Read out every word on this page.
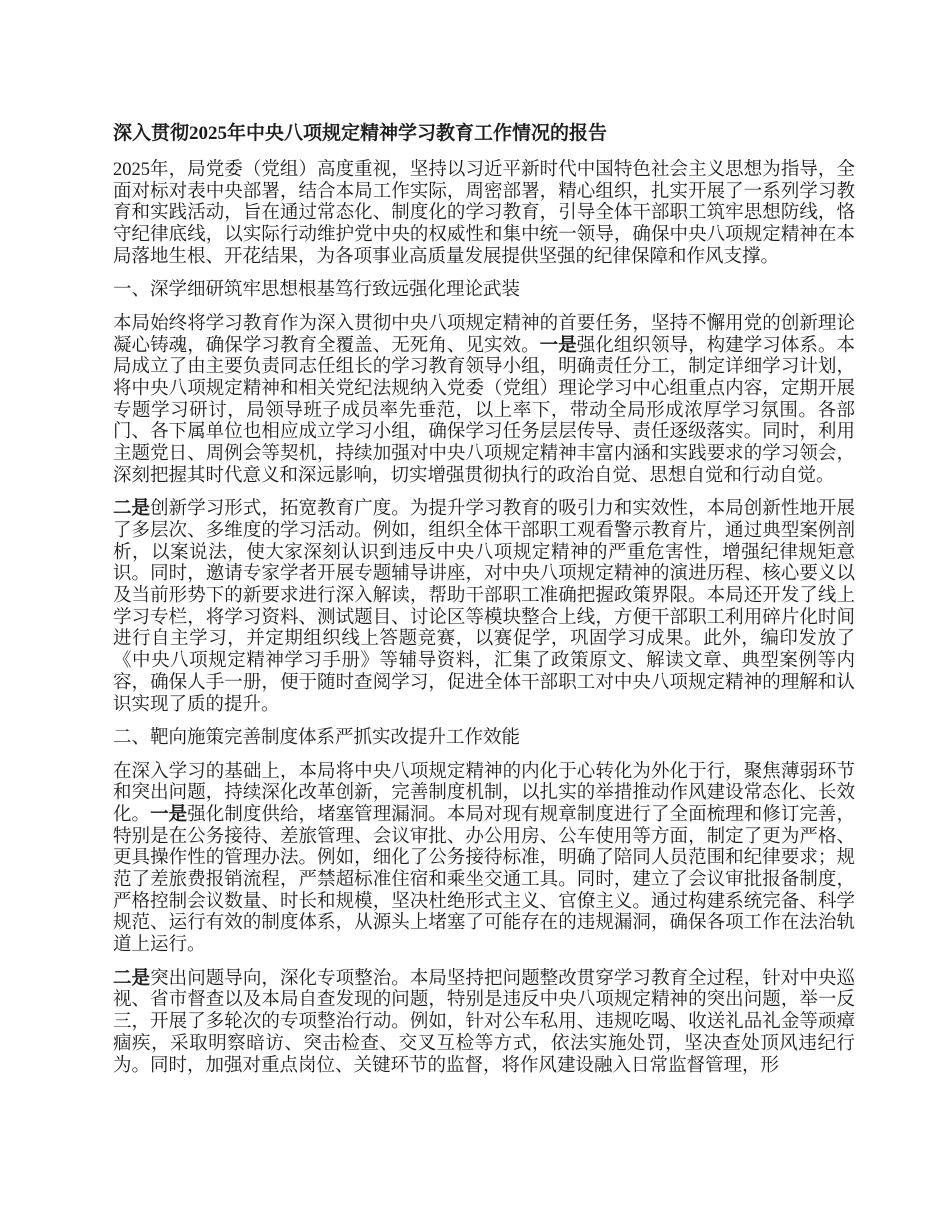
深入贯彻2025年中央八项规定精神学习教育工作情况的报告

2025年，局党委（党组）高度重视，坚持以习近平新时代中国特色社会主义思想为指导，全面对标对表中央部署，结合本局工作实际，周密部署，精心组织，扎实开展了一系列学习教育和实践活动，旨在通过常态化、制度化的学习教育，引导全体干部职工筑牢思想防线，恪守纪律底线，以实际行动维护党中央的权威性和集中统一领导，确保中央八项规定精神在本局落地生根、开花结果，为各项事业高质量发展提供坚强的纪律保障和作风支撑。

一、深学细研筑牢思想根基笃行致远强化理论武装

本局始终将学习教育作为深入贯彻中央八项规定精神的首要任务，坚持不懈用党的创新理论凝心铸魂，确保学习教育全覆盖、无死角、见实效。一是强化组织领导，构建学习体系。本局成立了由主要负责同志任组长的学习教育领导小组，明确责任分工，制定详细学习计划，将中央八项规定精神和相关党纪法规纳入党委（党组）理论学习中心组重点内容，定期开展专题学习研讨，局领导班子成员率先垂范，以上率下，带动全局形成浓厚学习氛围。各部门、各下属单位也相应成立学习小组，确保学习任务层层传导、责任逐级落实。同时，利用主题党日、周例会等契机，持续加强对中央八项规定精神丰富内涵和实践要求的学习领会，深刻把握其时代意义和深远影响，切实增强贯彻执行的政治自觉、思想自觉和行动自觉。

二是创新学习形式，拓宽教育广度。为提升学习教育的吸引力和实效性，本局创新性地开展了多层次、多维度的学习活动。例如，组织全体干部职工观看警示教育片，通过典型案例剖析，以案说法，使大家深刻认识到违反中央八项规定精神的严重危害性，增强纪律规矩意识。同时，邀请专家学者开展专题辅导讲座，对中央八项规定精神的演进历程、核心要义以及当前形势下的新要求进行深入解读，帮助干部职工准确把握政策界限。本局还开发了线上学习专栏，将学习资料、测试题目、讨论区等模块整合上线，方便干部职工利用碎片化时间进行自主学习，并定期组织线上答题竞赛，以赛促学，巩固学习成果。此外，编印发放了《中央八项规定精神学习手册》等辅导资料，汇集了政策原文、解读文章、典型案例等内容，确保人手一册，便于随时查阅学习，促进全体干部职工对中央八项规定精神的理解和认识实现了质的提升。

二、靶向施策完善制度体系严抓实改提升工作效能

在深入学习的基础上，本局将中央八项规定精神的内化于心转化为外化于行，聚焦薄弱环节和突出问题，持续深化改革创新，完善制度机制，以扎实的举措推动作风建设常态化、长效化。一是强化制度供给，堵塞管理漏洞。本局对现有规章制度进行了全面梳理和修订完善，特别是在公务接待、差旅管理、会议审批、办公用房、公车使用等方面，制定了更为严格、更具操作性的管理办法。例如，细化了公务接待标准，明确了陪同人员范围和纪律要求；规范了差旅费报销流程，严禁超标准住宿和乘坐交通工具。同时，建立了会议审批报备制度，严格控制会议数量、时长和规模，坚决杜绝形式主义、官僚主义。通过构建系统完备、科学规范、运行有效的制度体系，从源头上堵塞了可能存在的违规漏洞，确保各项工作在法治轨道上运行。

二是突出问题导向，深化专项整治。本局坚持把问题整改贯穿学习教育全过程，针对中央巡视、省市督查以及本局自查发现的问题，特别是违反中央八项规定精神的突出问题，举一反三，开展了多轮次的专项整治行动。例如，针对公车私用、违规吃喝、收送礼品礼金等顽瘴痼疾，采取明察暗访、突击检查、交叉互检等方式，依法实施处罚，坚决查处顶风违纪行为。同时，加强对重点岗位、关键环节的监督，将作风建设融入日常监督管理，形
